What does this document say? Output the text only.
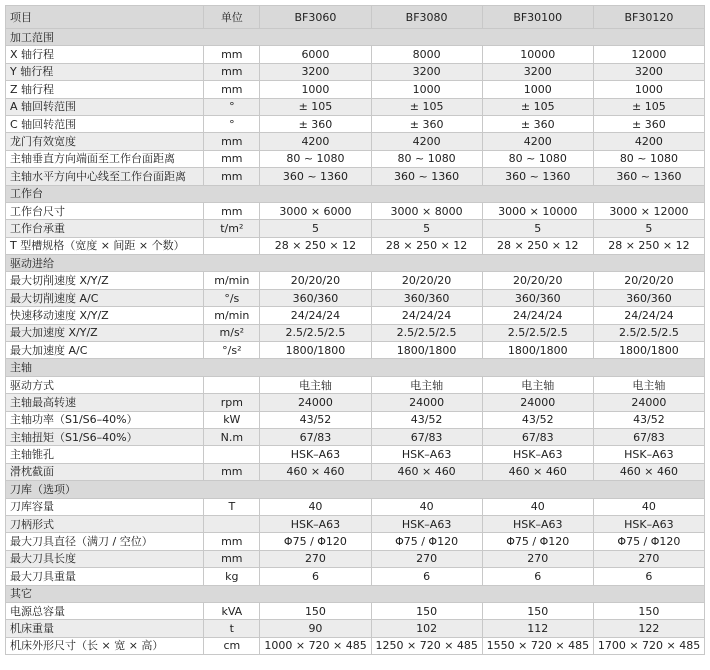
项目	单位	BF3060	BF3080	BF30100	BF30120
加工范围					
X 轴行程	mm	6000	8000	10000	12000
Y 轴行程	mm	3200	3200	3200	3200
Z 轴行程	mm	1000	1000	1000	1000
A 轴回转范围	°	± 105	± 105	± 105	± 105
C 轴回转范围	°	± 360	± 360	± 360	± 360
龙门有效宽度	mm	4200	4200	4200	4200
主轴垂直方向端面至工作台面距离	mm	80 ~ 1080	80 ~ 1080	80 ~ 1080	80 ~ 1080
主轴水平方向中心线至工作台面距离	mm	360 ~ 1360	360 ~ 1360	360 ~ 1360	360 ~ 1360
工作台					
工作台尺寸	mm	3000 × 6000	3000 × 8000	3000 × 10000	3000 × 12000
工作台承重	t/m²	5	5	5	5
T 型槽规格（宽度 × 间距 × 个数）		28 × 250 × 12	28 × 250 × 12	28 × 250 × 12	28 × 250 × 12
驱动进给					
最大切削速度 X/Y/Z	m/min	20/20/20	20/20/20	20/20/20	20/20/20
最大切削速度 A/C	°/s	360/360	360/360	360/360	360/360
快速移动速度 X/Y/Z	m/min	24/24/24	24/24/24	24/24/24	24/24/24
最大加速度 X/Y/Z	m/s²	2.5/2.5/2.5	2.5/2.5/2.5	2.5/2.5/2.5	2.5/2.5/2.5
最大加速度 A/C	°/s²	1800/1800	1800/1800	1800/1800	1800/1800
主轴					
驱动方式		电主轴	电主轴	电主轴	电主轴
主轴最高转速	rpm	24000	24000	24000	24000
主轴功率（S1/S6–40%）	kW	43/52	43/52	43/52	43/52
主轴扭矩（S1/S6–40%）	N.m	67/83	67/83	67/83	67/83
主轴锥孔		HSK–A63	HSK–A63	HSK–A63	HSK–A63
滑枕截面	mm	460 × 460	460 × 460	460 × 460	460 × 460
刀库（选项）					
刀库容量	T	40	40	40	40
刀柄形式		HSK–A63	HSK–A63	HSK–A63	HSK–A63
最大刀具直径（满刀 / 空位）	mm	Φ75 / Φ120	Φ75 / Φ120	Φ75 / Φ120	Φ75 / Φ120
最大刀具长度	mm	270	270	270	270
最大刀具重量	kg	6	6	6	6
其它					
电源总容量	kVA	150	150	150	150
机床重量	t	90	102	112	122
机床外形尺寸（长 × 宽 × 高）	cm	1000 × 720 × 485	1250 × 720 × 485	1550 × 720 × 485	1700 × 720 × 485
